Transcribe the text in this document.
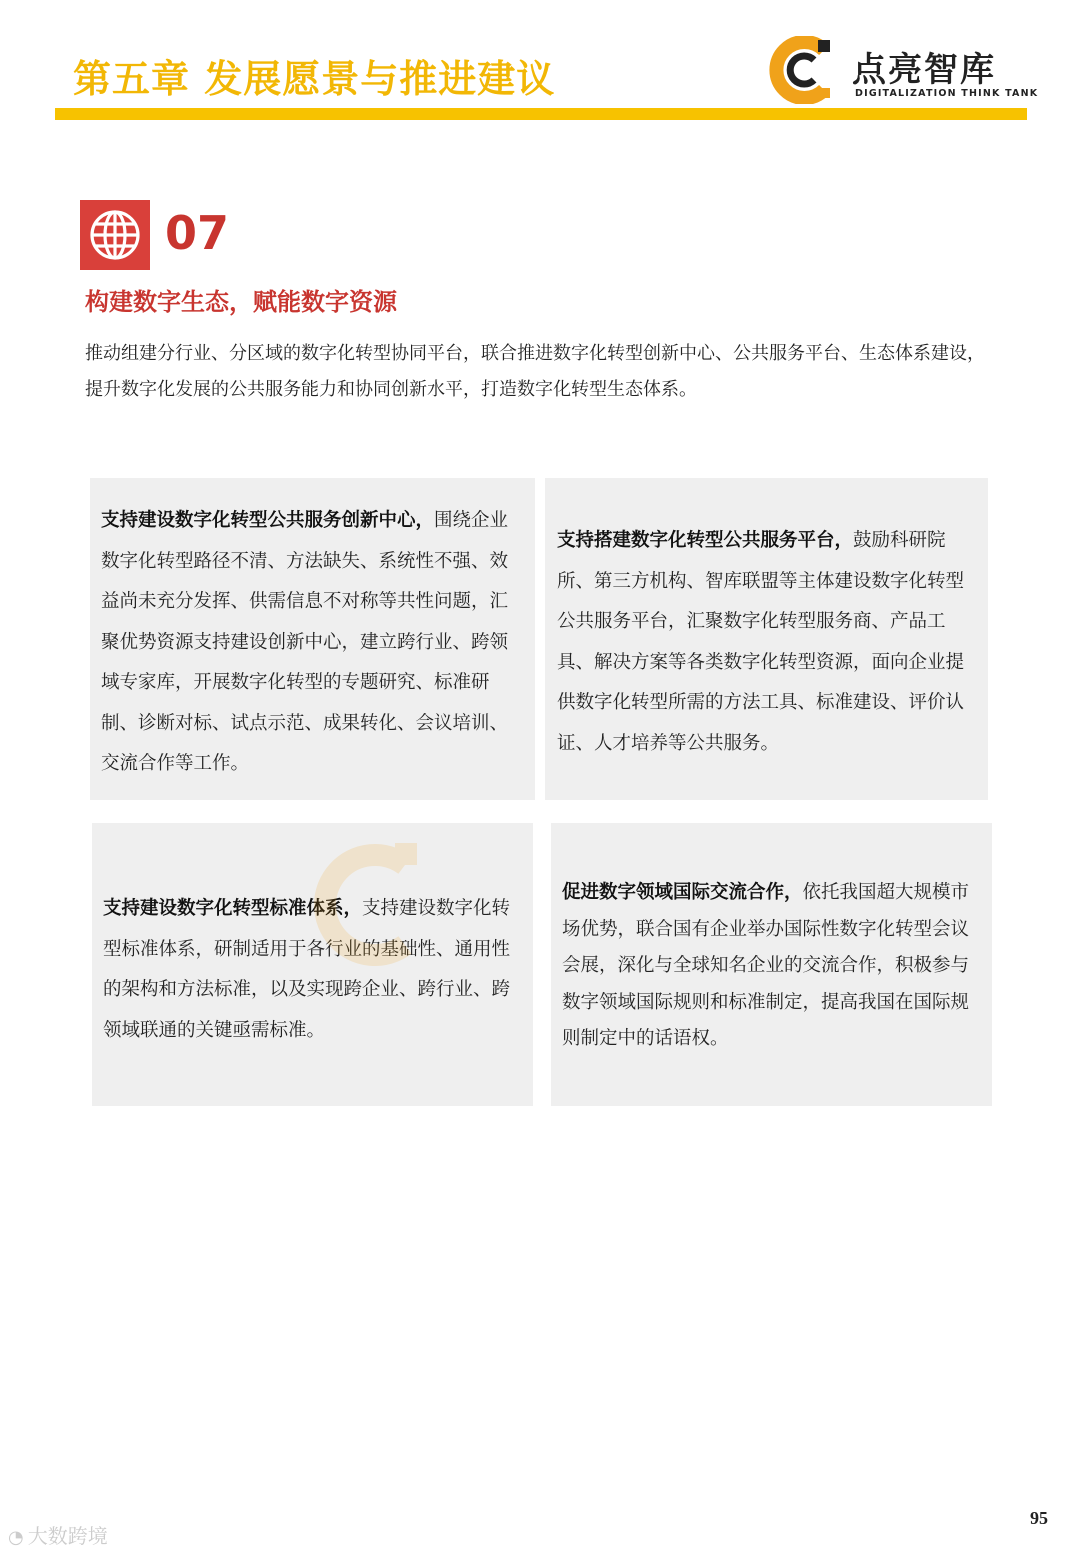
第五章 发展愿景与推进建议	点亮智库
DIGITALIZATION THINK TANK
07
构建数字生态，赋能数字资源
推动组建分行业、分区域的数字化转型协同平台，联合推进数字化转型创新中心、公共服务平台、生态体系建设，提升数字化发展的公共服务能力和协同创新水平，打造数字化转型生态体系。
支持建设数字化转型公共服务创新中心，围绕企业数字化转型路径不清、方法缺失、系统性不强、效益尚未充分发挥、供需信息不对称等共性问题，汇聚优势资源支持建设创新中心，建立跨行业、跨领域专家库，开展数字化转型的专题研究、标准研制、诊断对标、试点示范、成果转化、会议培训、交流合作等工作。
支持搭建数字化转型公共服务平台，鼓励科研院所、第三方机构、智库联盟等主体建设数字化转型公共服务平台，汇聚数字化转型服务商、产品工具、解决方案等各类数字化转型资源，面向企业提供数字化转型所需的方法工具、标准建设、评价认证、人才培养等公共服务。
支持建设数字化转型标准体系，支持建设数字化转型标准体系，研制适用于各行业的基础性、通用性的架构和方法标准，以及实现跨企业、跨行业、跨领域联通的关键亟需标准。
促进数字领域国际交流合作，依托我国超大规模市场优势，联合国有企业举办国际性数字化转型会议会展，深化与全球知名企业的交流合作，积极参与数字领域国际规则和标准制定，提高我国在国际规则制定中的话语权。
95
◔ 大数跨境
